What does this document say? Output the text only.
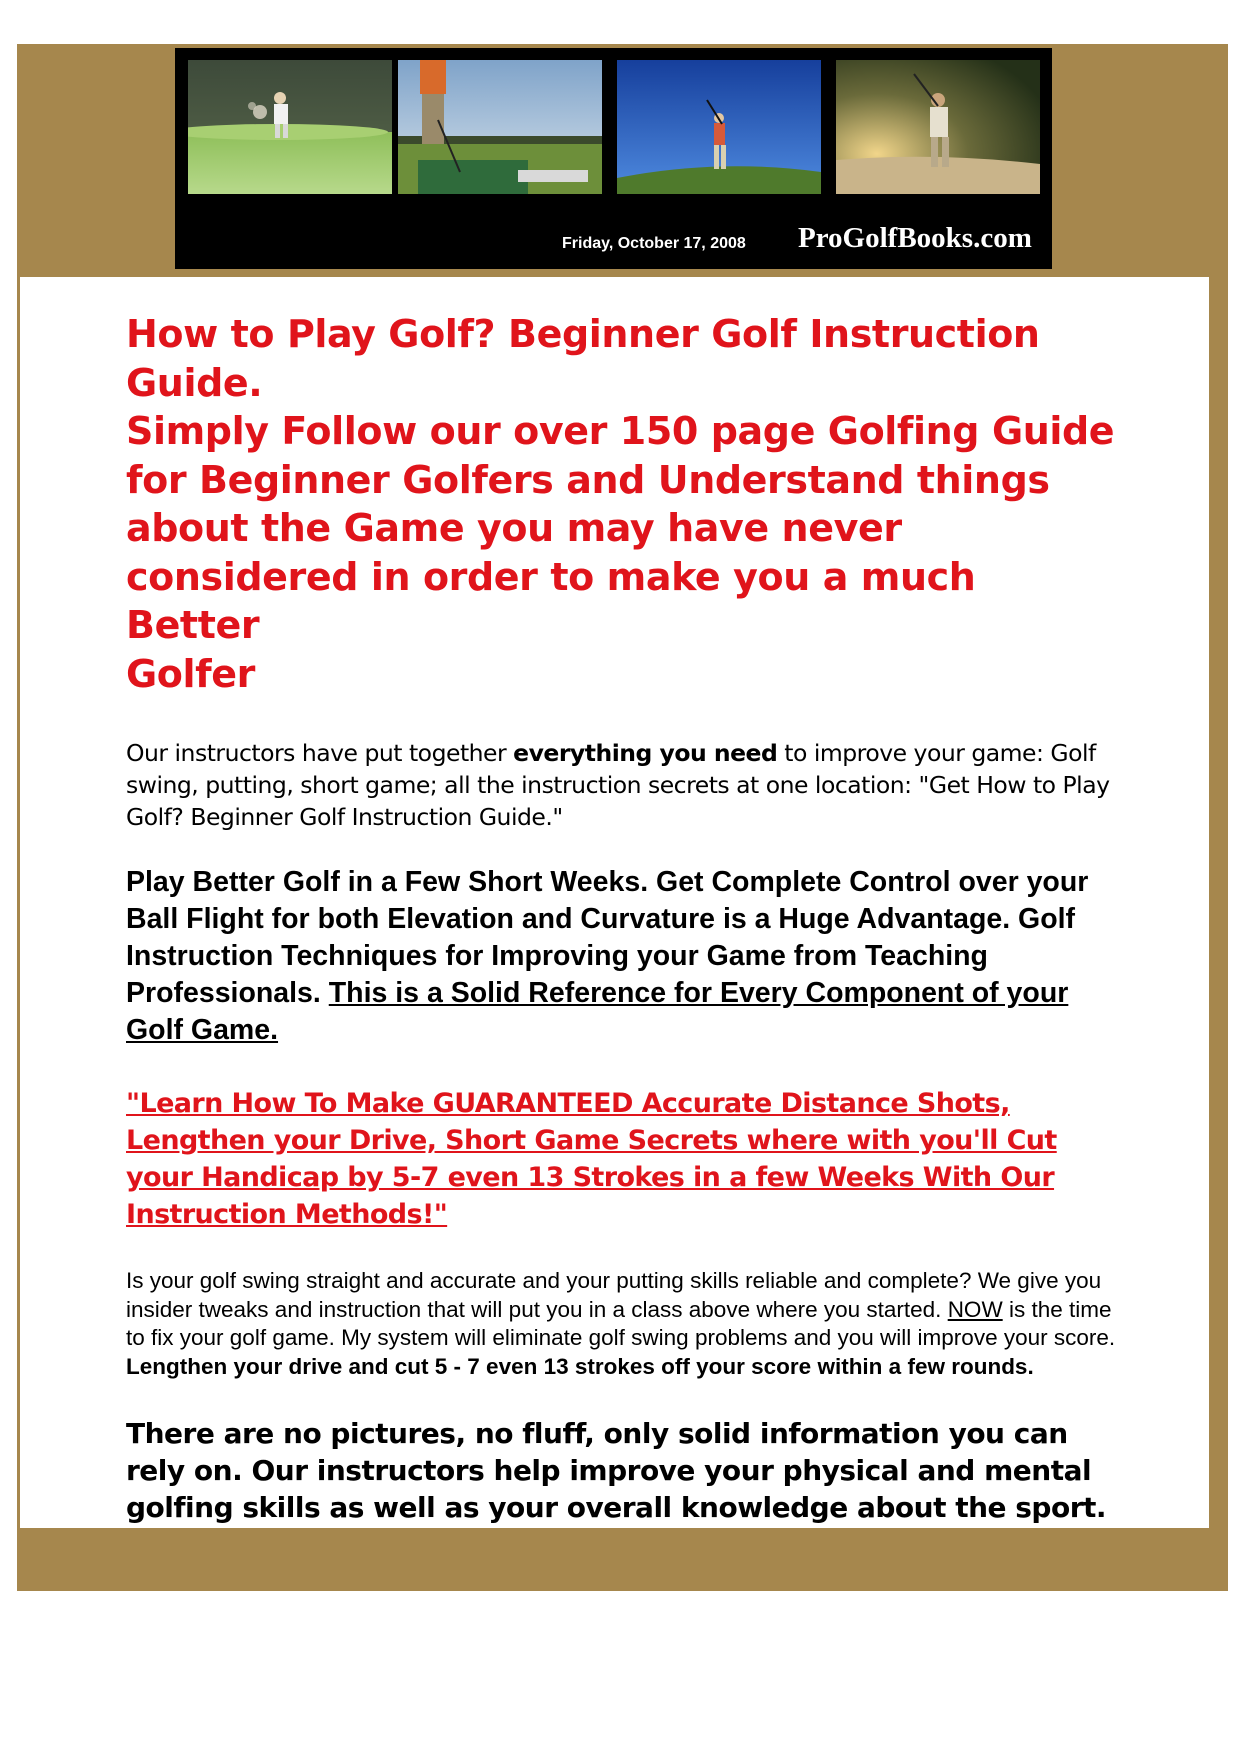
Friday, October 17, 2008 ProGolfBooks.com
How to Play Golf? Beginner Golf Instruction
Guide.
Simply Follow our over 150 page Golfing Guide
for Beginner Golfers and Understand things
about the Game you may have never
considered in order to make you a much Better
Golfer

Our instructors have put together everything you need to improve your game: Golf swing, putting, short game; all the instruction secrets at one location: "Get How to Play Golf? Beginner Golf Instruction Guide."

Play Better Golf in a Few Short Weeks. Get Complete Control over your Ball Flight for both Elevation and Curvature is a Huge Advantage. Golf Instruction Techniques for Improving your Game from Teaching Professionals. This is a Solid Reference for Every Component of your Golf Game.

"Learn How To Make GUARANTEED Accurate Distance Shots, Lengthen your Drive, Short Game Secrets where with you'll Cut your Handicap by 5-7 even 13 Strokes in a few Weeks With Our Instruction Methods!"

Is your golf swing straight and accurate and your putting skills reliable and complete? We give you insider tweaks and instruction that will put you in a class above where you started. NOW is the time to fix your golf game. My system will eliminate golf swing problems and you will improve your score. Lengthen your drive and cut 5 - 7 even 13 strokes off your score within a few rounds.

There are no pictures, no fluff, only solid information you can rely on. Our instructors help improve your physical and mental golfing skills as well as your overall knowledge about the sport.
